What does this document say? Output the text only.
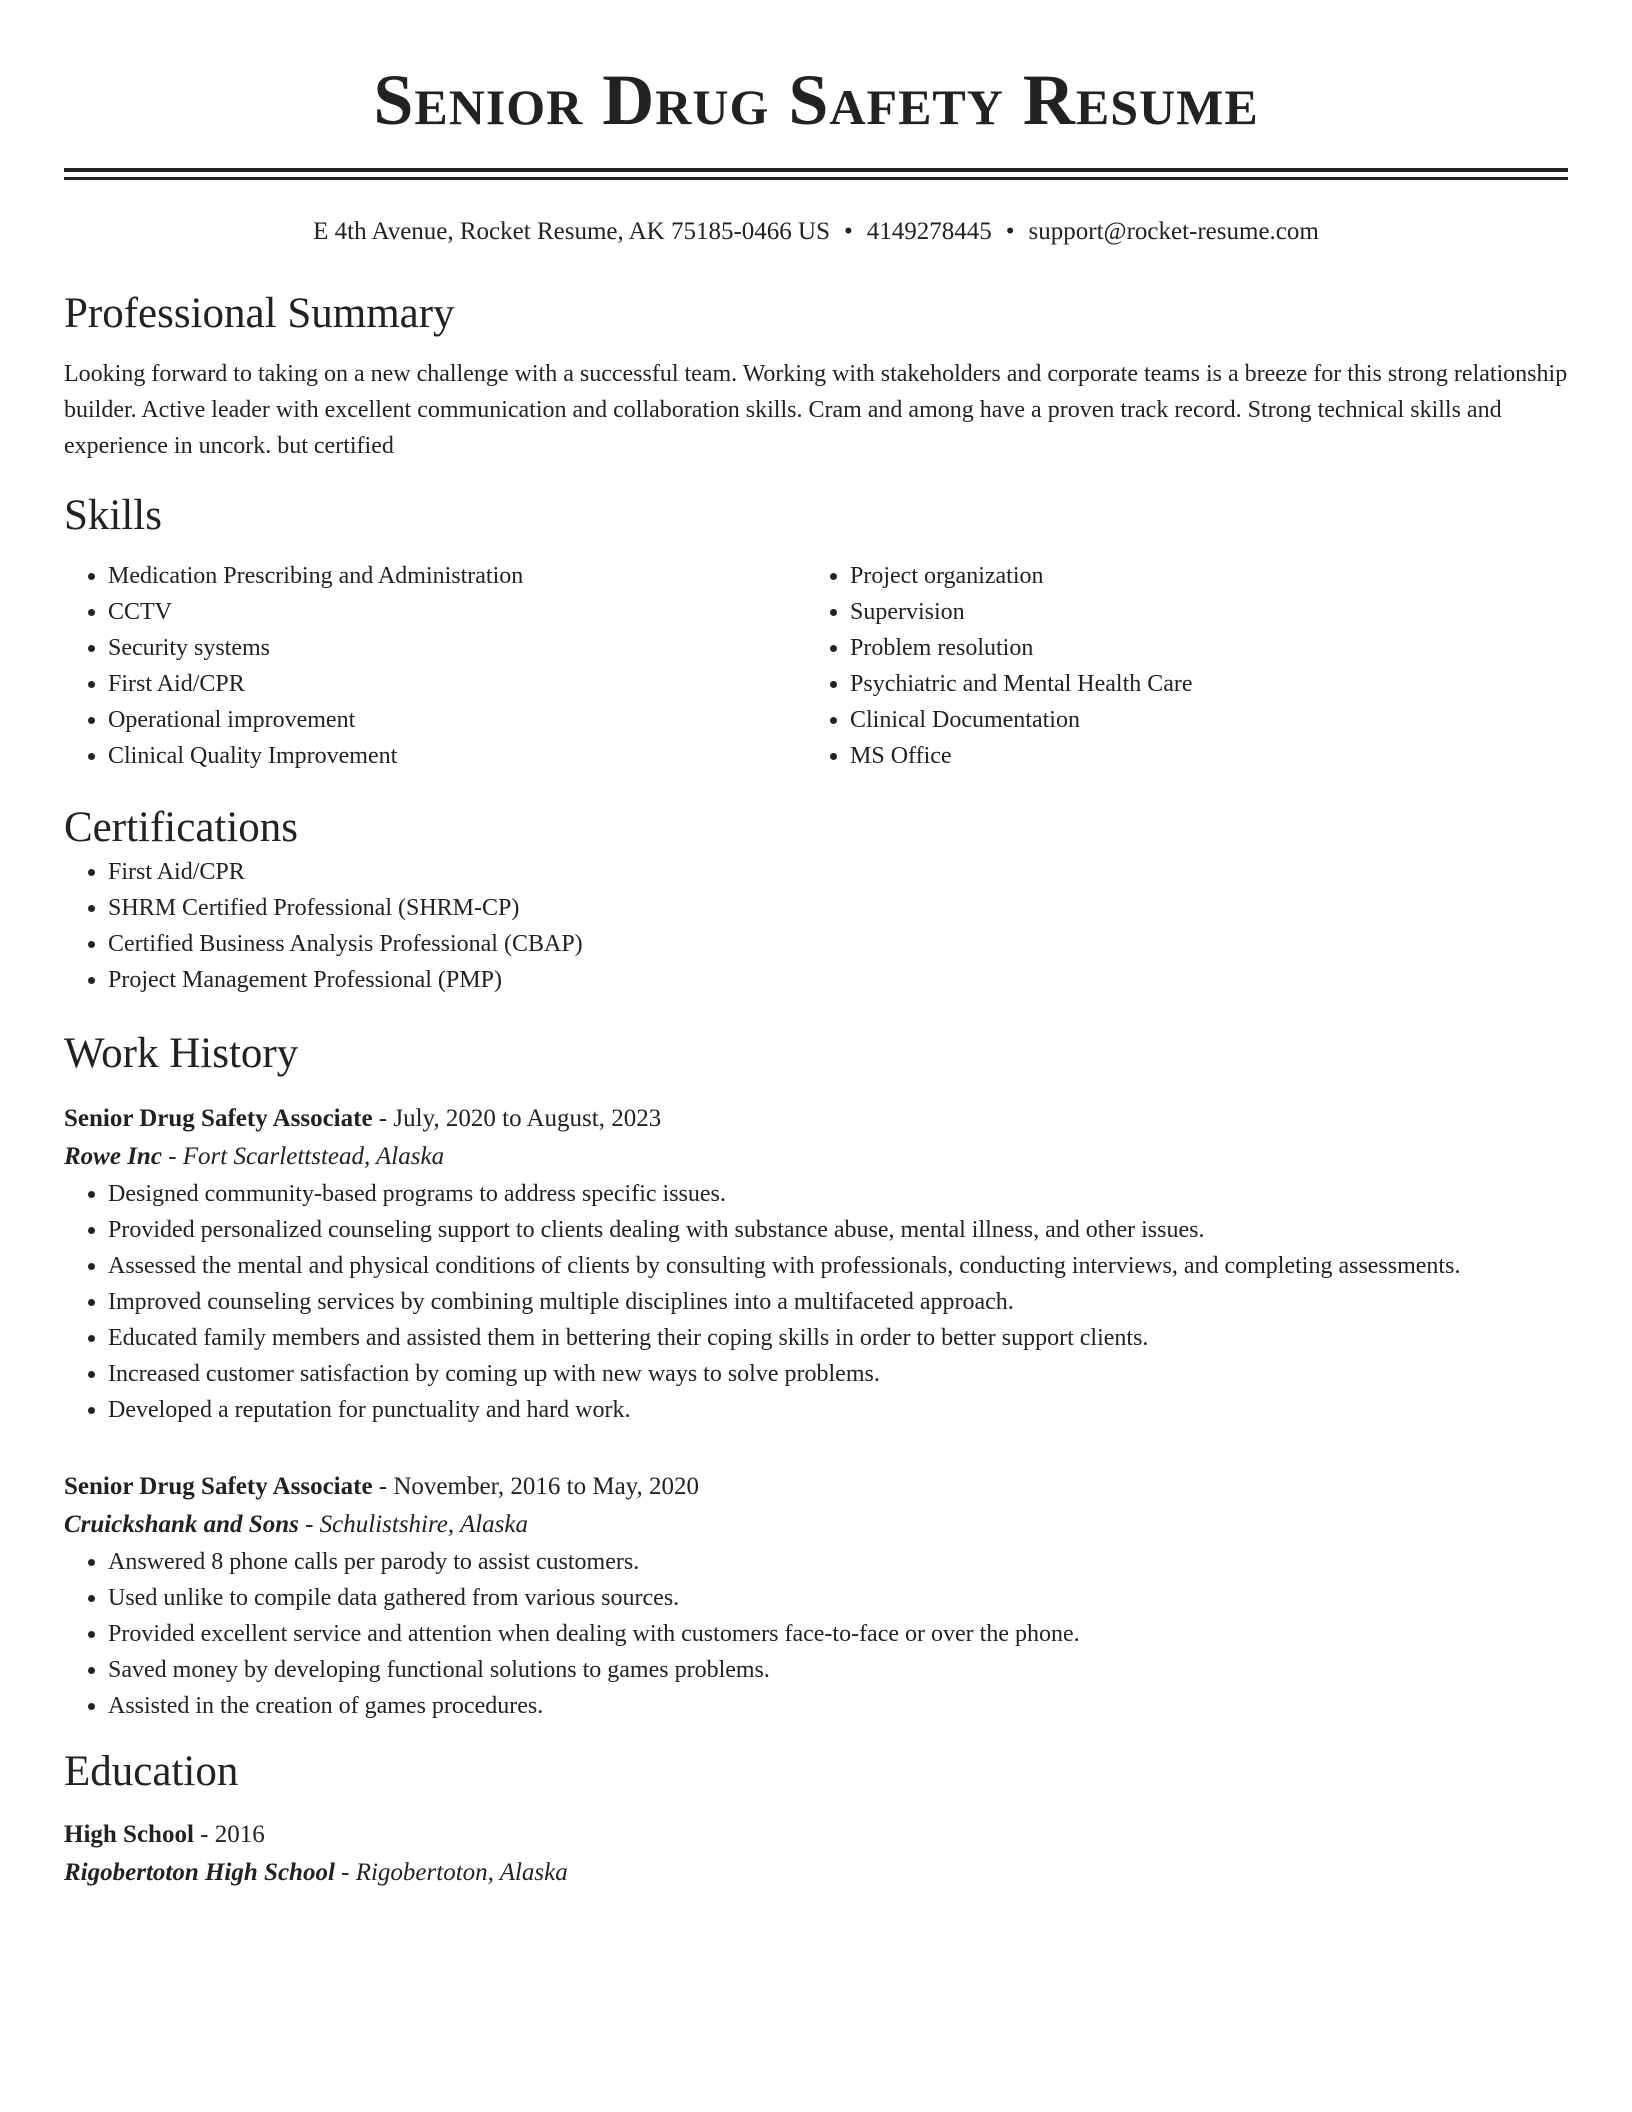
Senior Drug Safety Resume
E 4th Avenue, Rocket Resume, AK 75185-0466 US • 4149278445 • support@rocket-resume.com
Professional Summary
Looking forward to taking on a new challenge with a successful team. Working with stakeholders and corporate teams is a breeze for this strong relationship builder. Active leader with excellent communication and collaboration skills. Cram and among have a proven track record. Strong technical skills and experience in uncork. but certified
Skills
• Medication Prescribing and Administration
• CCTV
• Security systems
• First Aid/CPR
• Operational improvement
• Clinical Quality Improvement
• Project organization
• Supervision
• Problem resolution
• Psychiatric and Mental Health Care
• Clinical Documentation
• MS Office
Certifications
• First Aid/CPR
• SHRM Certified Professional (SHRM-CP)
• Certified Business Analysis Professional (CBAP)
• Project Management Professional (PMP)
Work History
Senior Drug Safety Associate - July, 2020 to August, 2023
Rowe Inc - Fort Scarlettstead, Alaska
• Designed community-based programs to address specific issues.
• Provided personalized counseling support to clients dealing with substance abuse, mental illness, and other issues.
• Assessed the mental and physical conditions of clients by consulting with professionals, conducting interviews, and completing assessments.
• Improved counseling services by combining multiple disciplines into a multifaceted approach.
• Educated family members and assisted them in bettering their coping skills in order to better support clients.
• Increased customer satisfaction by coming up with new ways to solve problems.
• Developed a reputation for punctuality and hard work.
Senior Drug Safety Associate - November, 2016 to May, 2020
Cruickshank and Sons - Schulistshire, Alaska
• Answered 8 phone calls per parody to assist customers.
• Used unlike to compile data gathered from various sources.
• Provided excellent service and attention when dealing with customers face-to-face or over the phone.
• Saved money by developing functional solutions to games problems.
• Assisted in the creation of games procedures.
Education
High School - 2016
Rigobertoton High School - Rigobertoton, Alaska
